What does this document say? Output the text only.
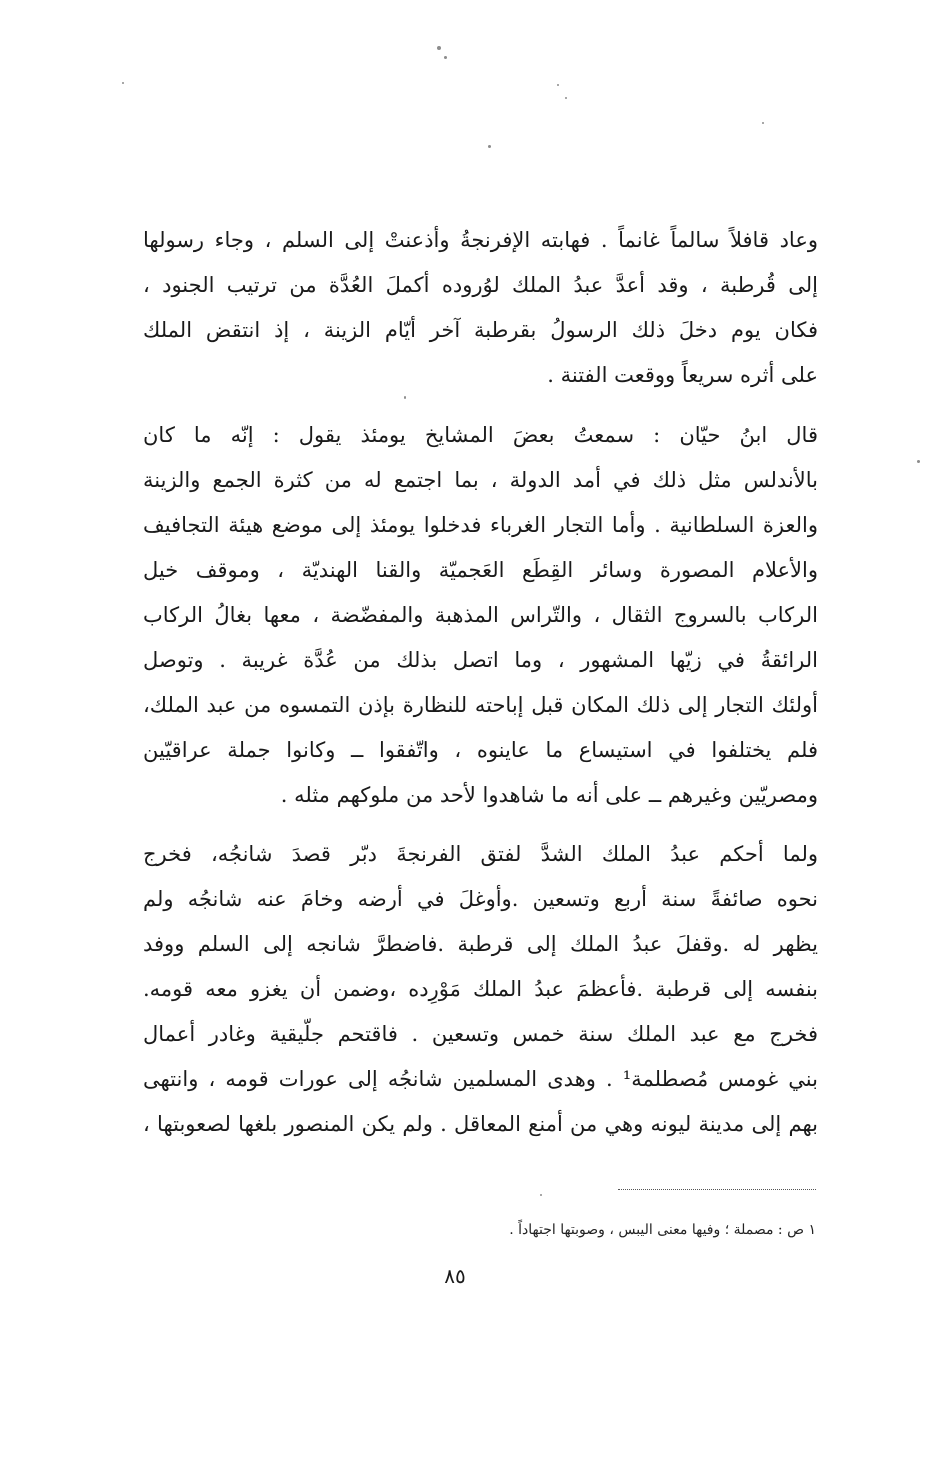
وعاد قافلاً سالماً غانماً . فهابته الإفرنجةُ وأذعنتْ إلى السلم ، وجاء رسولها
إلى قُرطبة ، وقد أعدَّ عبدُ الملك لوُروده أكملَ العُدَّة من ترتيب الجنود ،
فكان يوم دخلَ ذلك الرسولُ بقرطبة آخر أيّام الزينة ، إذ انتقض الملك
على أثره سريعاً ووقعت الفتنة .
قال ابنُ حيّان : سمعتُ بعضَ المشايخ يومئذ يقول : إنّه ما كان
بالأندلس مثل ذلك في أمد الدولة ، بما اجتمع له من كثرة الجمع والزينة
والعزة السلطانية . وأما التجار الغرباء فدخلوا يومئذ إلى موضع هيئة التجافيف
والأعلام المصورة وسائر القِطَع العَجميّة والقنا الهنديّة ، وموقف خيل
الركاب بالسروج الثقال ، والتّراس المذهبة والمفضّضة ، معها بغالُ الركاب
الرائقةُ في زيّها المشهور ، وما اتصل بذلك من عُدَّة غريبة . وتوصل
أولئك التجار إلى ذلك المكان قبل إباحته للنظارة بإذن التمسوه من عبد الملك،
فلم يختلفوا في استيساع ما عاينوه ، واتّفقوا ــ وكانوا جملة عراقيّين
ومصريّين وغيرهم ــ على أنه ما شاهدوا لأحد من ملوكهم مثله .
ولما أحكم عبدُ الملك الشدَّ لفتق الفرنجةَ دبّر قصدَ شانجُه، فخرج
نحوه صائفةً سنة أربع وتسعين .وأوغلَ في أرضه وخامَ عنه شانجُه ولم
يظهر له .وقفلَ عبدُ الملك إلى قرطبة .فاضطرَّ شانجه إلى السلم ووفد
بنفسه إلى قرطبة .فأعظمَ عبدُ الملك مَوْرِده ،وضمن أن يغزو معه قومه.
فخرج مع عبد الملك سنة خمس وتسعين . فاقتحم جلّيقية وغادر أعمال
بني غومس مُصطلمة¹ . وهدى المسلمين شانجُه إلى عورات قومه ، وانتهى
بهم إلى مدينة ليونه وهي من أمنع المعاقل . ولم يكن المنصور بلغها لصعوبتها ،
١ ص : مصملة ؛ وفيها معنى اليبس ، وصوبتها اجتهاداً .
٨٥
